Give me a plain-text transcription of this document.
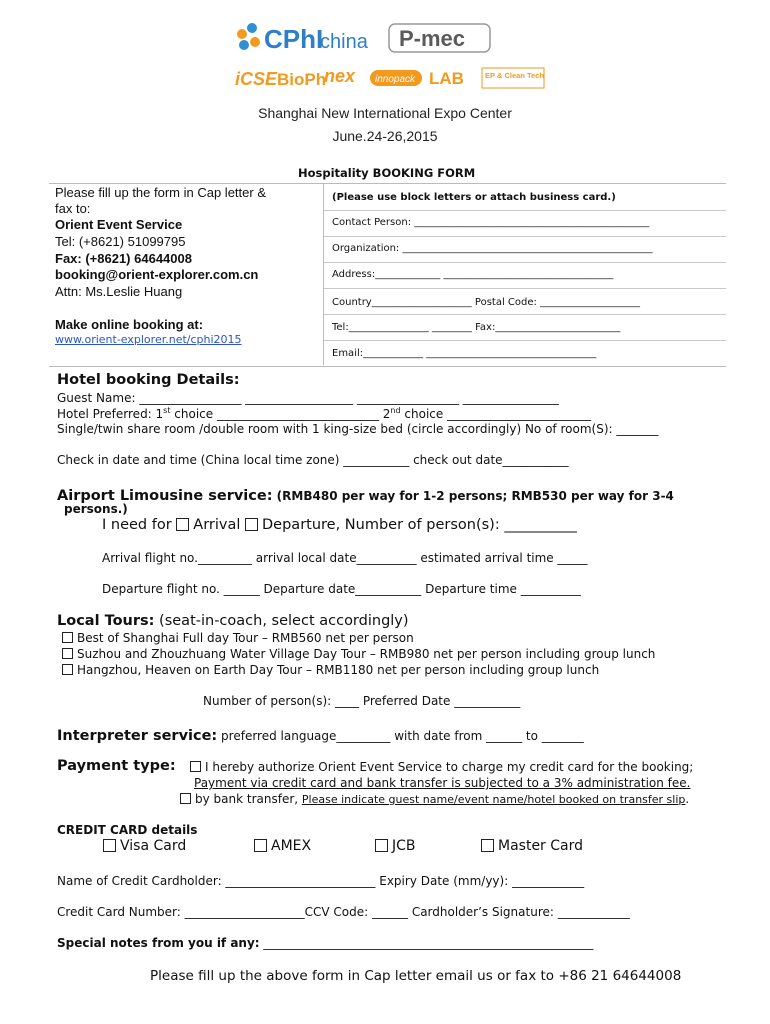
CPhI
china P-mec
iCSE BioPh
nex innopack LAB	EP & Clean Tech
Shanghai New International Expo Center
June.24-26,2015
Hospitality BOOKING FORM
Please fill up the form in Cap letter &
fax to:
Orient Event Service
Tel: (+8621) 51099795
Fax: (+8621) 64644008
booking@orient-explorer.com.cn
Attn: Ms.Leslie Huang
Make online booking at:
www.orient-explorer.net/cphi2015
(Please use block letters or attach business card.)
Contact Person: _______________________________________________
Organization: __________________________________________________
Address:_____________ __________________________________
Country____________________ Postal Code: ____________________
Tel:________________ ________ Fax:_________________________
Email:____________ __________________________________
Hotel booking Details:
Guest Name: _________________ __________________ _________________ ________________
Hotel Preferred: 1st choice ___________________________ 2nd choice ________________________
Single/twin share room /double room with 1 king-size bed (circle accordingly) No of room(S): _______
Check in date and time (China local time zone) ___________ check out date___________
Airport Limousine service: (RMB480 per way for 1-2 persons; RMB530 per way for 3-4
persons.)
I need for Arrival Departure, Number of person(s): __________
Arrival flight no._________ arrival local date__________ estimated arrival time _____
Departure flight no. ______ Departure date___________ Departure time __________
Local Tours: (seat-in-coach, select accordingly)
Best of Shanghai Full day Tour – RMB560 net per person
Suzhou and Zhouzhuang Water Village Day Tour – RMB980 net per person including group lunch
Hangzhou, Heaven on Earth Day Tour – RMB1180 net per person including group lunch
Number of person(s): ____ Preferred Date ___________
Interpreter service: preferred language_________ with date from ______ to _______
Payment type:	I hereby authorize Orient Event Service to charge my credit card for the booking;
Payment via credit card and bank transfer is subjected to a 3% administration fee.
by bank transfer, Please indicate guest name/event name/hotel booked on transfer slip.
CREDIT CARD details
Visa Card	AMEX	JCB	Master Card
Name of Credit Cardholder: _________________________ Expiry Date (mm/yy): ____________
Credit Card Number: ____________________CCV Code: ______ Cardholder’s Signature: ____________
Special notes from you if any: _______________________________________________________
Please fill up the above form in Cap letter email us or fax to +86 21 64644008
